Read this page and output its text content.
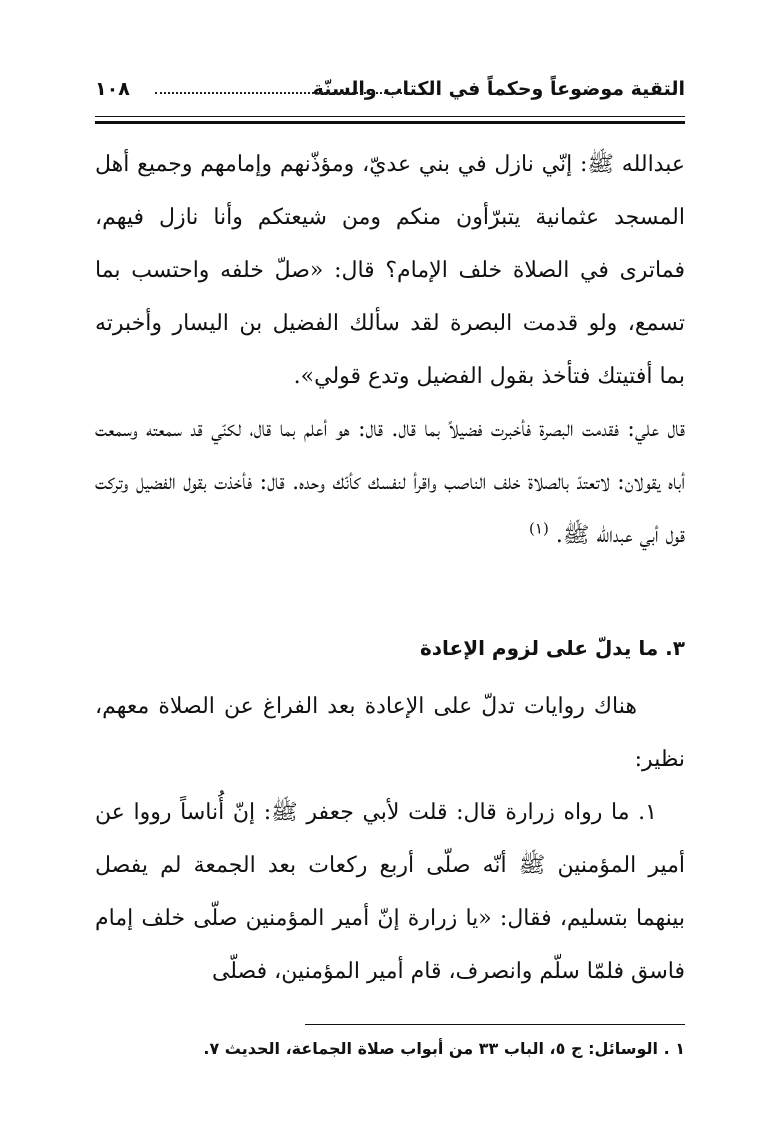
التقية موضوعاً وحكماً في الكتاب والسنّة
١٠٨

عبدالله ﷺ: إنّي نازل في بني عديّ، ومؤذّنهم وإمامهم وجميع أهل المسجد عثمانية يتبرّأون منكم ومن شيعتكم وأنا نازل فيهم، فماترى في الصلاة خلف الإمام؟ قال: «صلّ خلفه واحتسب بما تسمع، ولو قدمت البصرة لقد سألك الفضيل بن اليسار وأخبرته بما أفتيتك فتأخذ بقول الفضيل وتدع قولي».

قال علي: فقدمت البصرة فأخبرت فضيلاً بما قال. قال: هو أعلم بما قال، لكنّي قد سمعته وسمعت أباه يقولان: لاتعتدّ بالصلاة خلف الناصب واقرأ لنفسك كأنّك وحده. قال: فأخذت بقول الفضيل وتركت قول أبي عبدالله ﷺ. $^{(١)}$

٣. ما يدلّ على لزوم الإعادة

هناك روايات تدلّ على الإعادة بعد الفراغ عن الصلاة معهم، نظير:

١. ما رواه زرارة قال: قلت لأبي جعفر ﷺ: إنّ أُناساً رووا عن أمير المؤمنين ﷺ أنّه صلّى أربع ركعات بعد الجمعة لم يفصل بينهما بتسليم، فقال: «يا زرارة إنّ أمير المؤمنين صلّى خلف إمام فاسق فلمّا سلّم وانصرف، قام أمير المؤمنين، فصلّى

١ . الوسائل: ج ٥، الباب ٣٣ من أبواب صلاة الجماعة، الحديث ٧.
